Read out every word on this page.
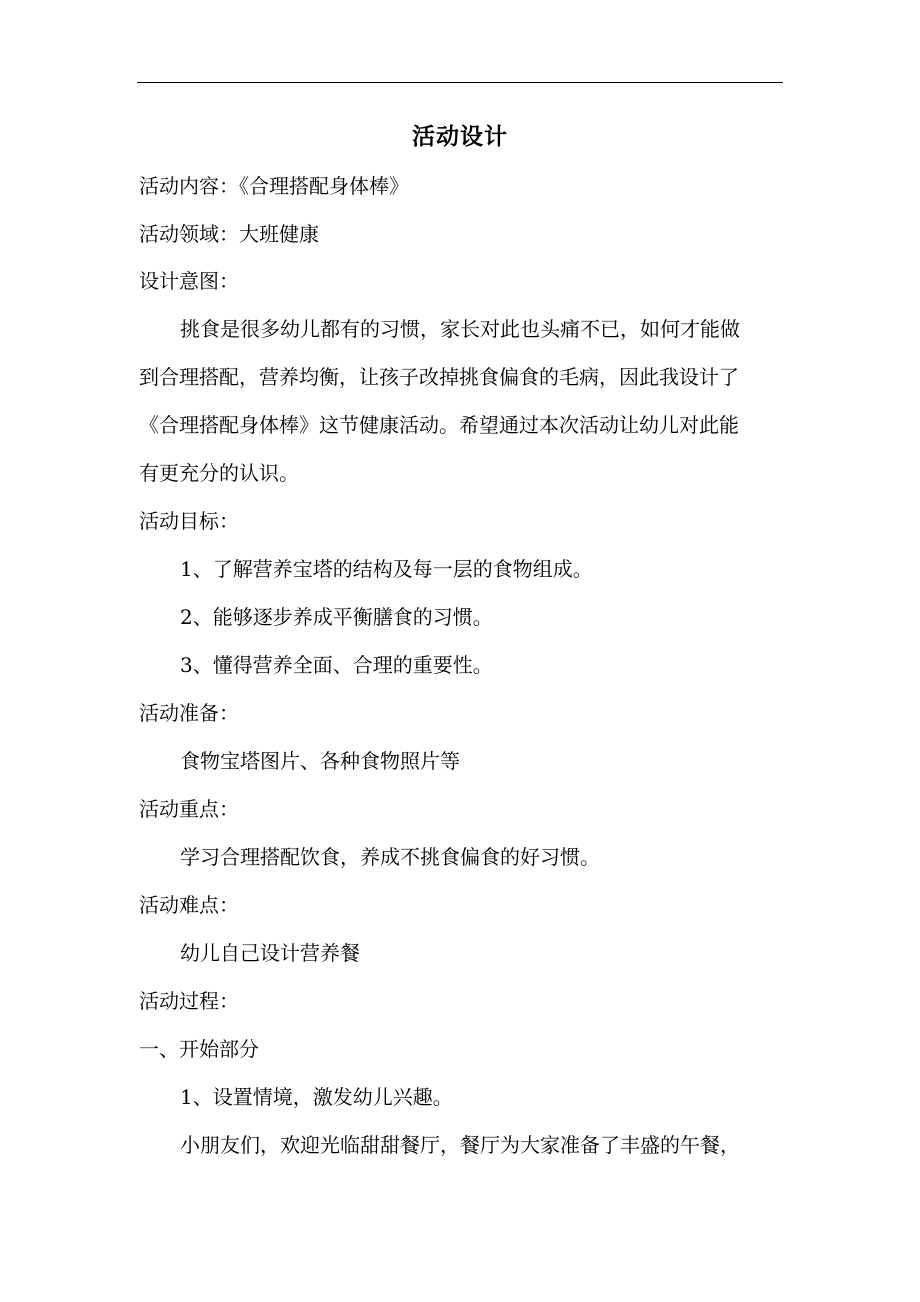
活动设计
活动内容：《合理搭配身体棒》
活动领域：大班健康
设计意图：
挑食是很多幼儿都有的习惯，家长对此也头痛不已，如何才能做
到合理搭配，营养均衡，让孩子改掉挑食偏食的毛病，因此我设计了
《合理搭配身体棒》这节健康活动。希望通过本次活动让幼儿对此能
有更充分的认识。
活动目标：
1、了解营养宝塔的结构及每一层的食物组成。
2、能够逐步养成平衡膳食的习惯。
3、懂得营养全面、合理的重要性。
活动准备：
食物宝塔图片、各种食物照片等
活动重点：
学习合理搭配饮食，养成不挑食偏食的好习惯。
活动难点：
幼儿自己设计营养餐
活动过程：
一、开始部分
1、设置情境，激发幼儿兴趣。
小朋友们，欢迎光临甜甜餐厅，餐厅为大家准备了丰盛的午餐，
